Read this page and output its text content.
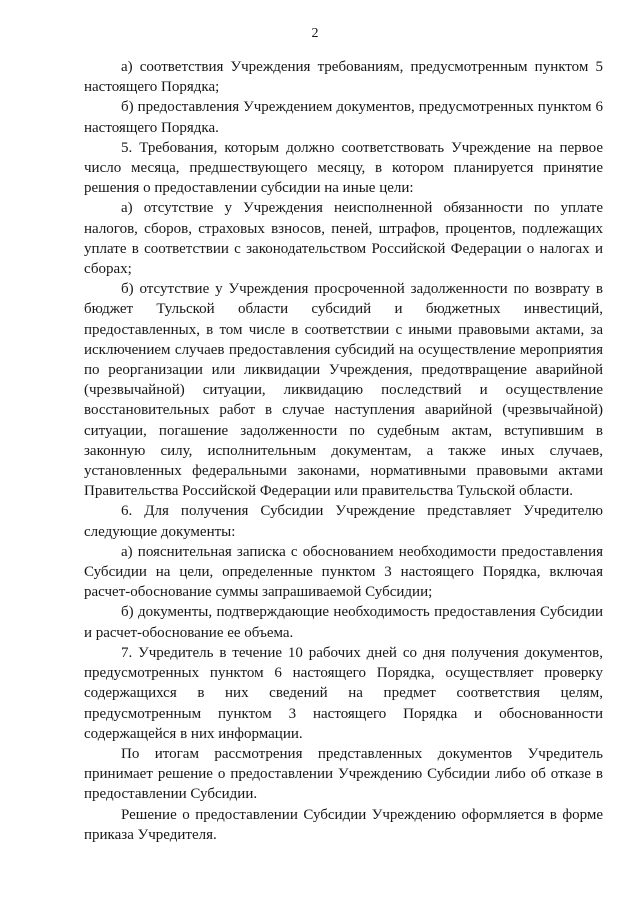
2

а) соответствия Учреждения требованиям, предусмотренным пунктом 5 настоящего Порядка;

б) предоставления Учреждением документов, предусмотренных пунктом 6 настоящего Порядка.

5. Требования, которым должно соответствовать Учреждение на первое число месяца, предшествующего месяцу, в котором планируется принятие решения о предоставлении субсидии на иные цели:

а) отсутствие у Учреждения неисполненной обязанности по уплате налогов, сборов, страховых взносов, пеней, штрафов, процентов, подлежащих уплате в соответствии с законодательством Российской Федерации о налогах и сборах;

б) отсутствие у Учреждения просроченной задолженности по возврату в бюджет Тульской области субсидий и бюджетных инвестиций, предоставленных, в том числе в соответствии с иными правовыми актами, за исключением случаев предоставления субсидий на осуществление мероприятия по реорганизации или ликвидации Учреждения, предотвращение аварийной (чрезвычайной) ситуации, ликвидацию последствий и осуществление восстановительных работ в случае наступления аварийной (чрезвычайной) ситуации, погашение задолженности по судебным актам, вступившим в законную силу, исполнительным документам, а также иных случаев, установленных федеральными законами, нормативными правовыми актами Правительства Российской Федерации или правительства Тульской области.

6. Для получения Субсидии Учреждение представляет Учредителю следующие документы:

а) пояснительная записка с обоснованием необходимости предоставления Субсидии на цели, определенные пунктом 3 настоящего Порядка, включая расчет-обоснование суммы запрашиваемой Субсидии;

б) документы, подтверждающие необходимость предоставления Субсидии и расчет-обоснование ее объема.

7. Учредитель в течение 10 рабочих дней со дня получения документов, предусмотренных пунктом 6 настоящего Порядка, осуществляет проверку содержащихся в них сведений на предмет соответствия целям, предусмотренным пунктом 3 настоящего Порядка и обоснованности содержащейся в них информации.

По итогам рассмотрения представленных документов Учредитель принимает решение о предоставлении Учреждению Субсидии либо об отказе в предоставлении Субсидии.

Решение о предоставлении Субсидии Учреждению оформляется в форме приказа Учредителя.
